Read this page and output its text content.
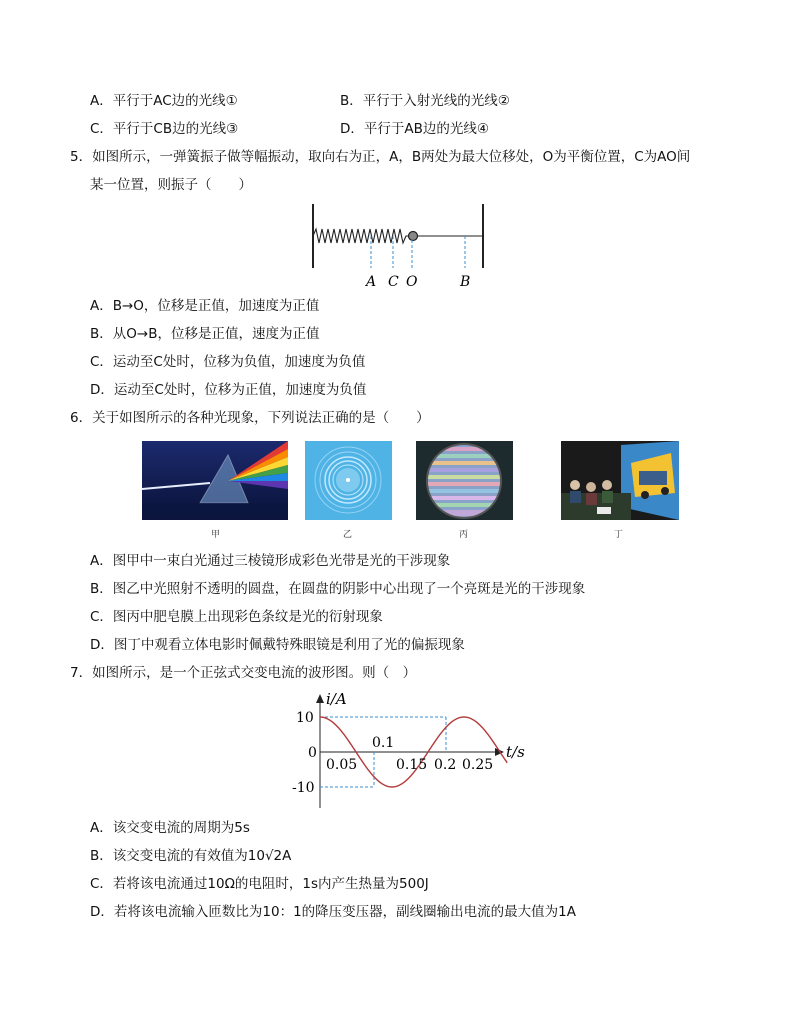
A．平行于AC边的光线①	B．平行于入射光线的光线②
C．平行于CB边的光线③	D．平行于AB边的光线④
5．如图所示，一弹簧振子做等幅振动，取向右为正，A，B两处为最大位移处，O为平衡位置，C为AO间
某一位置，则振子（　　）
A C O	B
A．B→O，位移是正值，加速度为正值
B．从O→B，位移是正值，速度为正值
C．运动至C处时，位移为负值，加速度为负值
D．运动至C处时，位移为正值，加速度为负值
6．关于如图所示的各种光现象，下列说法正确的是（　　）
甲	乙	丙	丁
A．图甲中一束白光通过三棱镜形成彩色光带是光的干涉现象
B．图乙中光照射不透明的圆盘，在圆盘的阴影中心出现了一个亮斑是光的干涉现象
C．图丙中肥皂膜上出现彩色条纹是光的衍射现象
D．图丁中观看立体电影时佩戴特殊眼镜是利用了光的偏振现象
7．如图所示，是一个正弦式交变电流的波形图。则（　）
i/A
t/s
10
0
-10
0.05
0.1
0.15 0.2 0.25
A．该交变电流的周期为5s
B．该交变电流的有效值为10√2A
C．若将该电流通过10Ω的电阻时，1s内产生热量为500J
D．若将该电流输入匝数比为10：1的降压变压器，副线圈输出电流的最大值为1A
